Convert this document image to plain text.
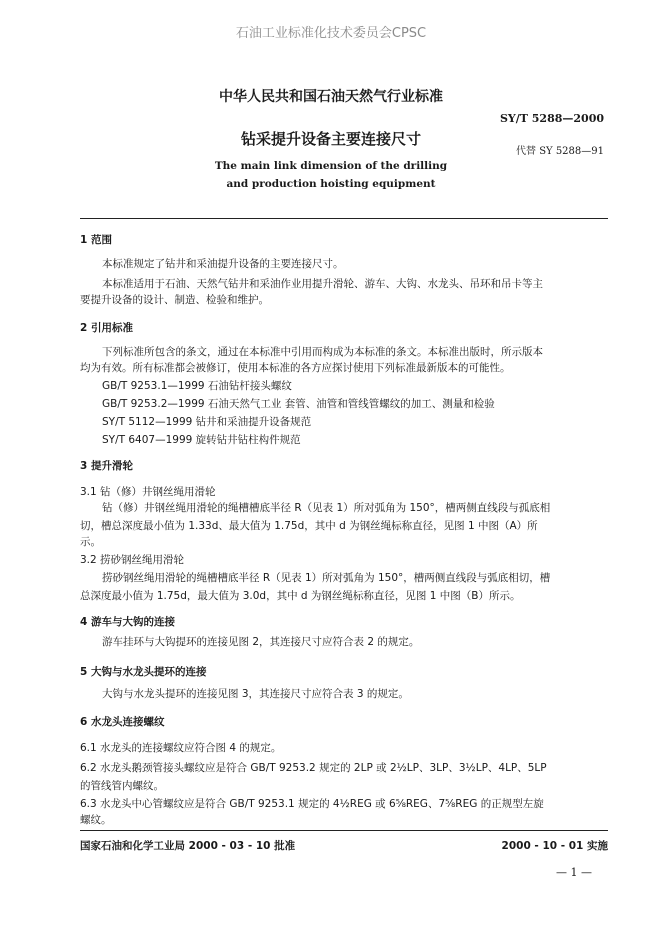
石油工业标准化技术委员会CPSC
中华人民共和国石油天然气行业标准
SY/T 5288—2000
钻采提升设备主要连接尺寸
代替 SY 5288—91
The main link dimension of the drilling
and production hoisting equipment
1 范围
本标准规定了钻井和采油提升设备的主要连接尺寸。
本标准适用于石油、天然气钻井和采油作业用提升滑轮、游车、大钩、水龙头、吊环和吊卡等主
要提升设备的设计、制造、检验和维护。
2 引用标准
下列标准所包含的条文，通过在本标准中引用而构成为本标准的条文。本标准出版时，所示版本
均为有效。所有标准都会被修订，使用本标准的各方应探讨使用下列标准最新版本的可能性。
GB/T 9253.1—1999 石油钻杆接头螺纹
GB/T 9253.2—1999 石油天然气工业 套管、油管和管线管螺纹的加工、测量和检验
SY/T 5112—1999 钻井和采油提升设备规范
SY/T 6407—1999 旋转钻井钻柱构件规范
3 提升滑轮
3.1 钻（修）井钢丝绳用滑轮
钻（修）井钢丝绳用滑轮的绳槽槽底半径 R（见表 1）所对弧角为 150°，槽两侧直线段与孤底相
切，槽总深度最小值为 1.33d、最大值为 1.75d，其中 d 为钢丝绳标称直径，见图 1 中图（A）所
示。
3.2 捞砂钢丝绳用滑轮
捞砂钢丝绳用滑轮的绳槽槽底半径 R（见表 1）所对弧角为 150°，槽两侧直线段与弧底相切，槽
总深度最小值为 1.75d，最大值为 3.0d，其中 d 为钢丝绳标称直径，见图 1 中图（B）所示。
4 游车与大钩的连接
游车挂环与大钩提环的连接见图 2，其连接尺寸应符合表 2 的规定。
5 大钩与水龙头提环的连接
大钩与水龙头提环的连接见图 3，其连接尺寸应符合表 3 的规定。
6 水龙头连接螺纹
6.1 水龙头的连接螺纹应符合图 4 的规定。
6.2 水龙头鹅颈管接头螺纹应是符合 GB/T 9253.2 规定的 2LP 或 2½LP、3LP、3½LP、4LP、5LP
的管线管内螺纹。
6.3 水龙头中心管螺纹应是符合 GB/T 9253.1 规定的 4½REG 或 6⅝REG、7⅝REG 的正规型左旋
螺纹。
国家石油和化学工业局 2000 - 03 - 10 批准	2000 - 10 - 01 实施
— 1 —
